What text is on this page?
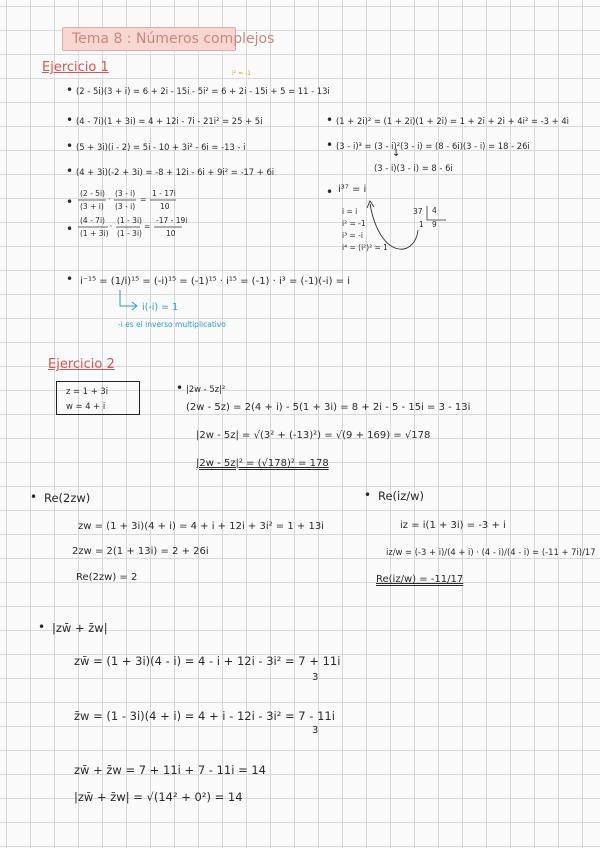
Tema 8 : Números complejos
Ejercicio 1
• (2 - 5i)(3 + i) = 6 + 2i - 15i - 5i² = 6 + 2i - 15i + 5 = 11 - 13i
i² = -1
• (4 - 7i)(1 + 3i) = 4 + 12i - 7i - 21i² = 25 + 5i
• (5 + 3i)(i - 2) = 5i - 10 + 3i² - 6i = -13 - i
• (4 + 3i)(-2 + 3i) = -8 + 12i - 6i + 9i² = -17 + 6i
• (1 + 2i)² = (1 + 2i)(1 + 2i) = 1 + 2i + 2i + 4i² = -3 + 4i
• (3 - i)³ = (3 - i)²(3 - i) = (8 - 6i)(3 - i) = 18 - 26i
↓
(3 - i)(3 - i) = 8 - 6i
•
(2 - 5i)
(3 + i)
·
(3 - i)
(3 - i)
=
1 - 17i
10
•
(4 - 7i)
(1 + 3i)
·
(1 - 3i)
(1 - 3i)
=
-17 - 19i
10
• i³⁷ = i
i = i
i² = -1
i³ = -i
i⁴ = (i²)² = 1
37 4
1 9
• i⁻¹⁵ = (1/i)¹⁵ = (-i)¹⁵ = (-1)¹⁵ · i¹⁵ = (-1) · i³ = (-1)(-i) = i
i(-i) = 1
-i es el inverso multiplicativo
Ejercicio 2
z = 1 + 3i
w = 4 + i
• |2w - 5z|²
(2w - 5z) = 2(4 + i) - 5(1 + 3i) = 8 + 2i - 5 - 15i = 3 - 13i
|2w - 5z| = √(3² + (-13)²) = √(9 + 169) = √178
|2w - 5z|² = (√178)² = 178
• Re(2zw)
zw = (1 + 3i)(4 + i) = 4 + i + 12i + 3i² = 1 + 13i
2zw = 2(1 + 13i) = 2 + 26i
Re(2zw) = 2
• Re(iz/w)
iz = i(1 + 3i) = -3 + i
iz/w = (-3 + i)/(4 + i) · (4 - i)/(4 - i) = (-11 + 7i)/17
Re(iz/w) = -11/17
• |zw̄ + z̄w|
zw̄ = (1 + 3i)(4 - i) = 4 - i + 12i - 3i² = 7 + 11i
3
z̄w = (1 - 3i)(4 + i) = 4 + i - 12i - 3i² = 7 - 11i
3
zw̄ + z̄w = 7 + 11i + 7 - 11i = 14
|zw̄ + z̄w| = √(14² + 0²) = 14
